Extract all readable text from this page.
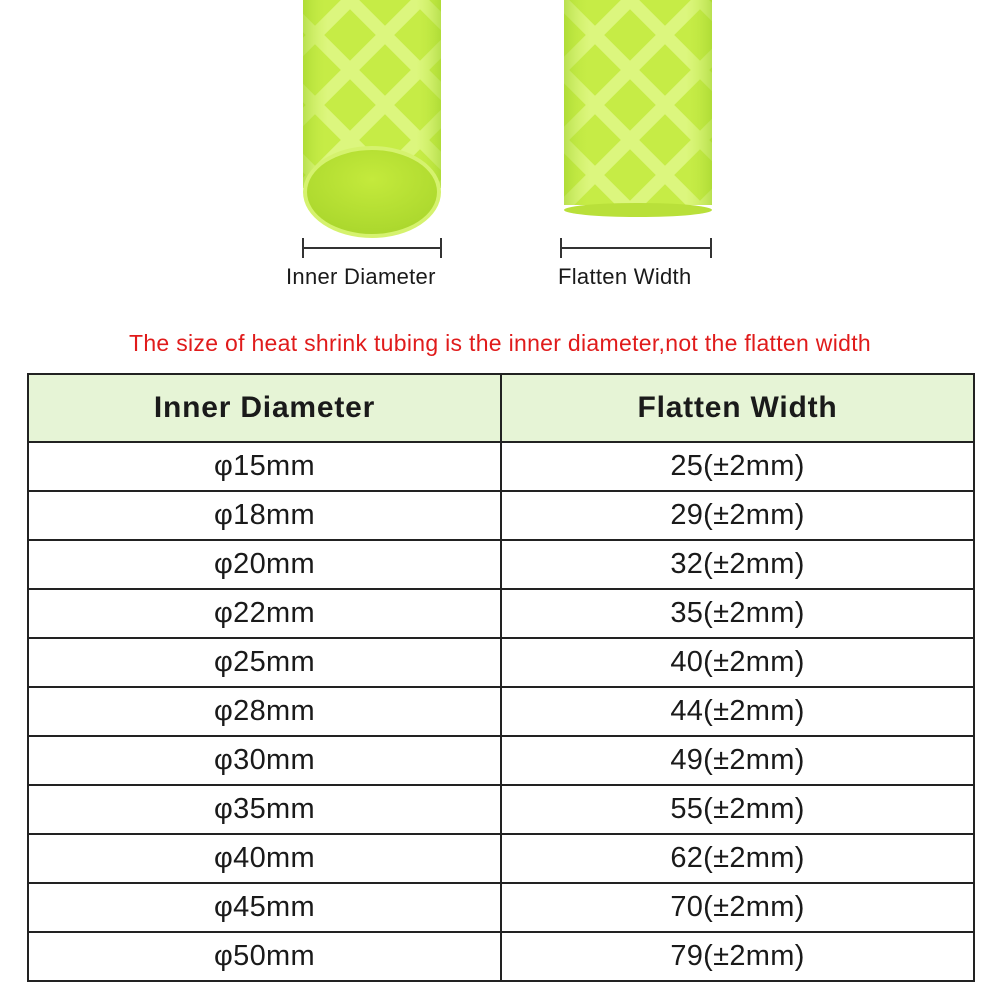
Inner Diameter	Flatten Width
The size of heat shrink tubing is the inner diameter,not the flatten width
Inner Diameter	Flatten Width
φ15mm	25(±2mm)
φ18mm	29(±2mm)
φ20mm	32(±2mm)
φ22mm	35(±2mm)
φ25mm	40(±2mm)
φ28mm	44(±2mm)
φ30mm	49(±2mm)
φ35mm	55(±2mm)
φ40mm	62(±2mm)
φ45mm	70(±2mm)
φ50mm	79(±2mm)
